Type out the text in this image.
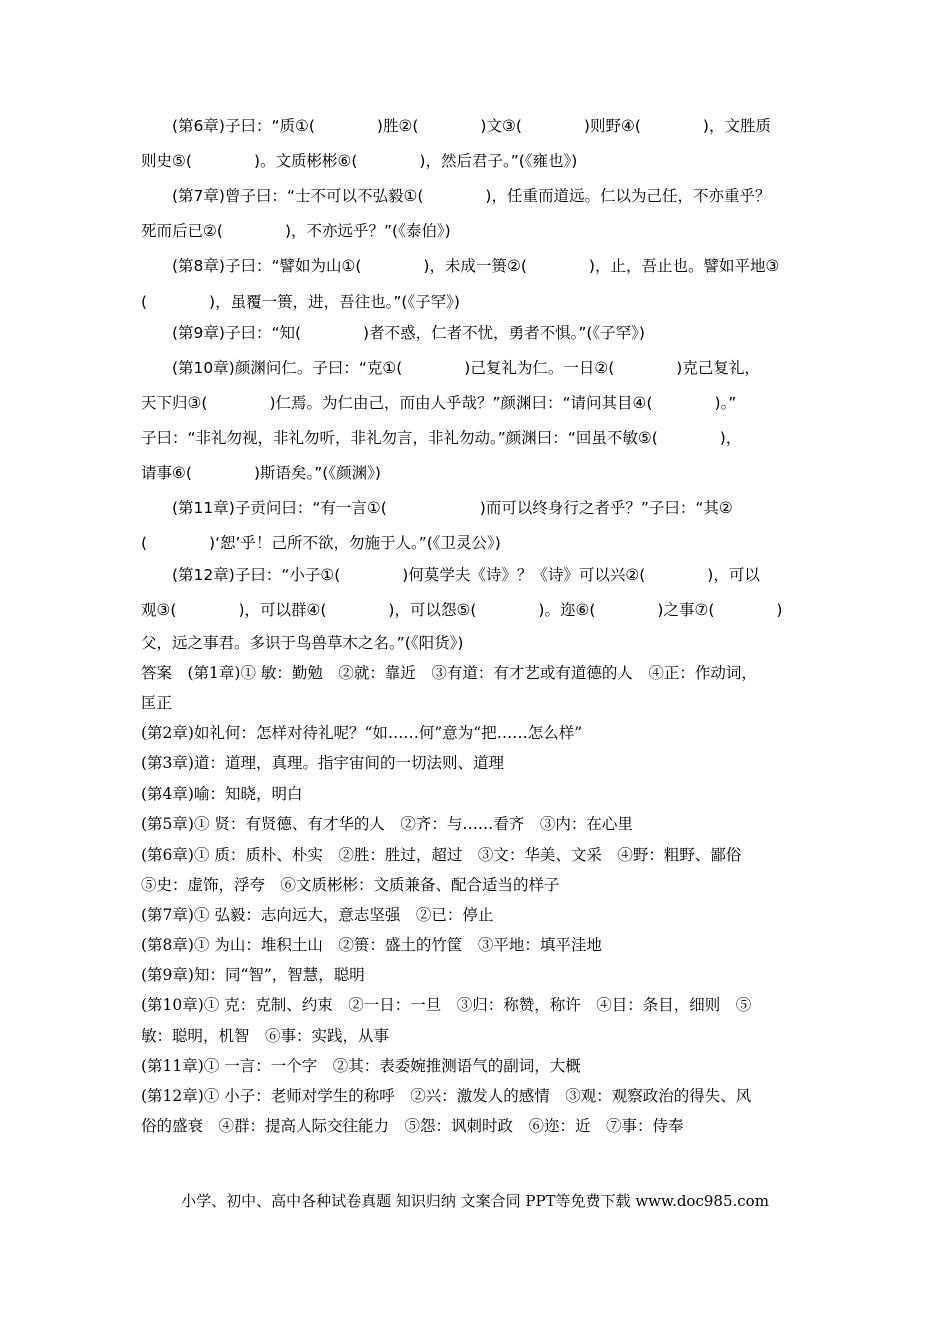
　　(第6章)子曰：“质①(　　　　)胜②(　　　　)文③(　　　　)则野④(　　　　)，文胜质
则史⑤(　　　　)。文质彬彬⑥(　　　　)，然后君子。”(《雍也》)
　　(第7章)曾子曰：“士不可以不弘毅①(　　　　)，任重而道远。仁以为己任，不亦重乎？
死而后已②(　　　　)，不亦远乎？”(《泰伯》)
　　(第8章)子曰：“譬如为山①(　　　　)，未成一篑②(　　　　)，止，吾止也。譬如平地③
(　　　　)，虽覆一篑，进，吾往也。”(《子罕》)
　　(第9章)子曰：“知(　　　　)者不惑，仁者不忧，勇者不惧。”(《子罕》)
　　(第10章)颜渊问仁。子曰：“克①(　　　　)己复礼为仁。一日②(　　　　)克己复礼，
天下归③(　　　　)仁焉。为仁由己，而由人乎哉？”颜渊曰：“请问其目④(　　　　)。”
子曰：“非礼勿视，非礼勿听，非礼勿言，非礼勿动。”颜渊曰：“回虽不敏⑤(　　　　)，
请事⑥(　　　　)斯语矣。”(《颜渊》)
　　(第11章)子贡问曰：“有一言①(　　　　　　)而可以终身行之者乎？”子曰：“其②
(　　　　)‘恕’乎！己所不欲，勿施于人。”(《卫灵公》)
　　(第12章)子曰：“小子①(　　　　)何莫学夫《诗》？《诗》可以兴②(　　　　)，可以
观③(　　　　)，可以群④(　　　　)，可以怨⑤(　　　　)。迩⑥(　　　　)之事⑦(　　　　)
父，远之事君。多识于鸟兽草木之名。”(《阳货》)
答案　(第1章)① 敏：勤勉　②就：靠近　③有道：有才艺或有道德的人　④正：作动词，
匡正
(第2章)如礼何：怎样对待礼呢？“如……何”意为“把……怎么样”
(第3章)道：道理，真理。指宇宙间的一切法则、道理
(第4章)喻：知晓，明白
(第5章)① 贤：有贤德、有才华的人　②齐：与……看齐　③内：在心里
(第6章)① 质：质朴、朴实　②胜：胜过，超过　③文：华美、文采　④野：粗野、鄙俗
⑤史：虚饰，浮夸　⑥文质彬彬：文质兼备、配合适当的样子
(第7章)① 弘毅：志向远大，意志坚强　②已：停止
(第8章)① 为山：堆积土山　②篑：盛土的竹筐　③平地：填平洼地
(第9章)知：同“智”，智慧，聪明
(第10章)① 克：克制、约束　②一日：一旦　③归：称赞，称许　④目：条目，细则　⑤
敏：聪明，机智　⑥事：实践，从事
(第11章)① 一言：一个字　②其：表委婉推测语气的副词，大概
(第12章)① 小子：老师对学生的称呼　②兴：激发人的感情　③观：观察政治的得失、风
俗的盛衰　④群：提高人际交往能力　⑤怨：讽刺时政　⑥迩：近　⑦事：侍奉
小学、初中、高中各种试卷真题 知识归纳 文案合同 PPT等免费下载 www.doc985.com
